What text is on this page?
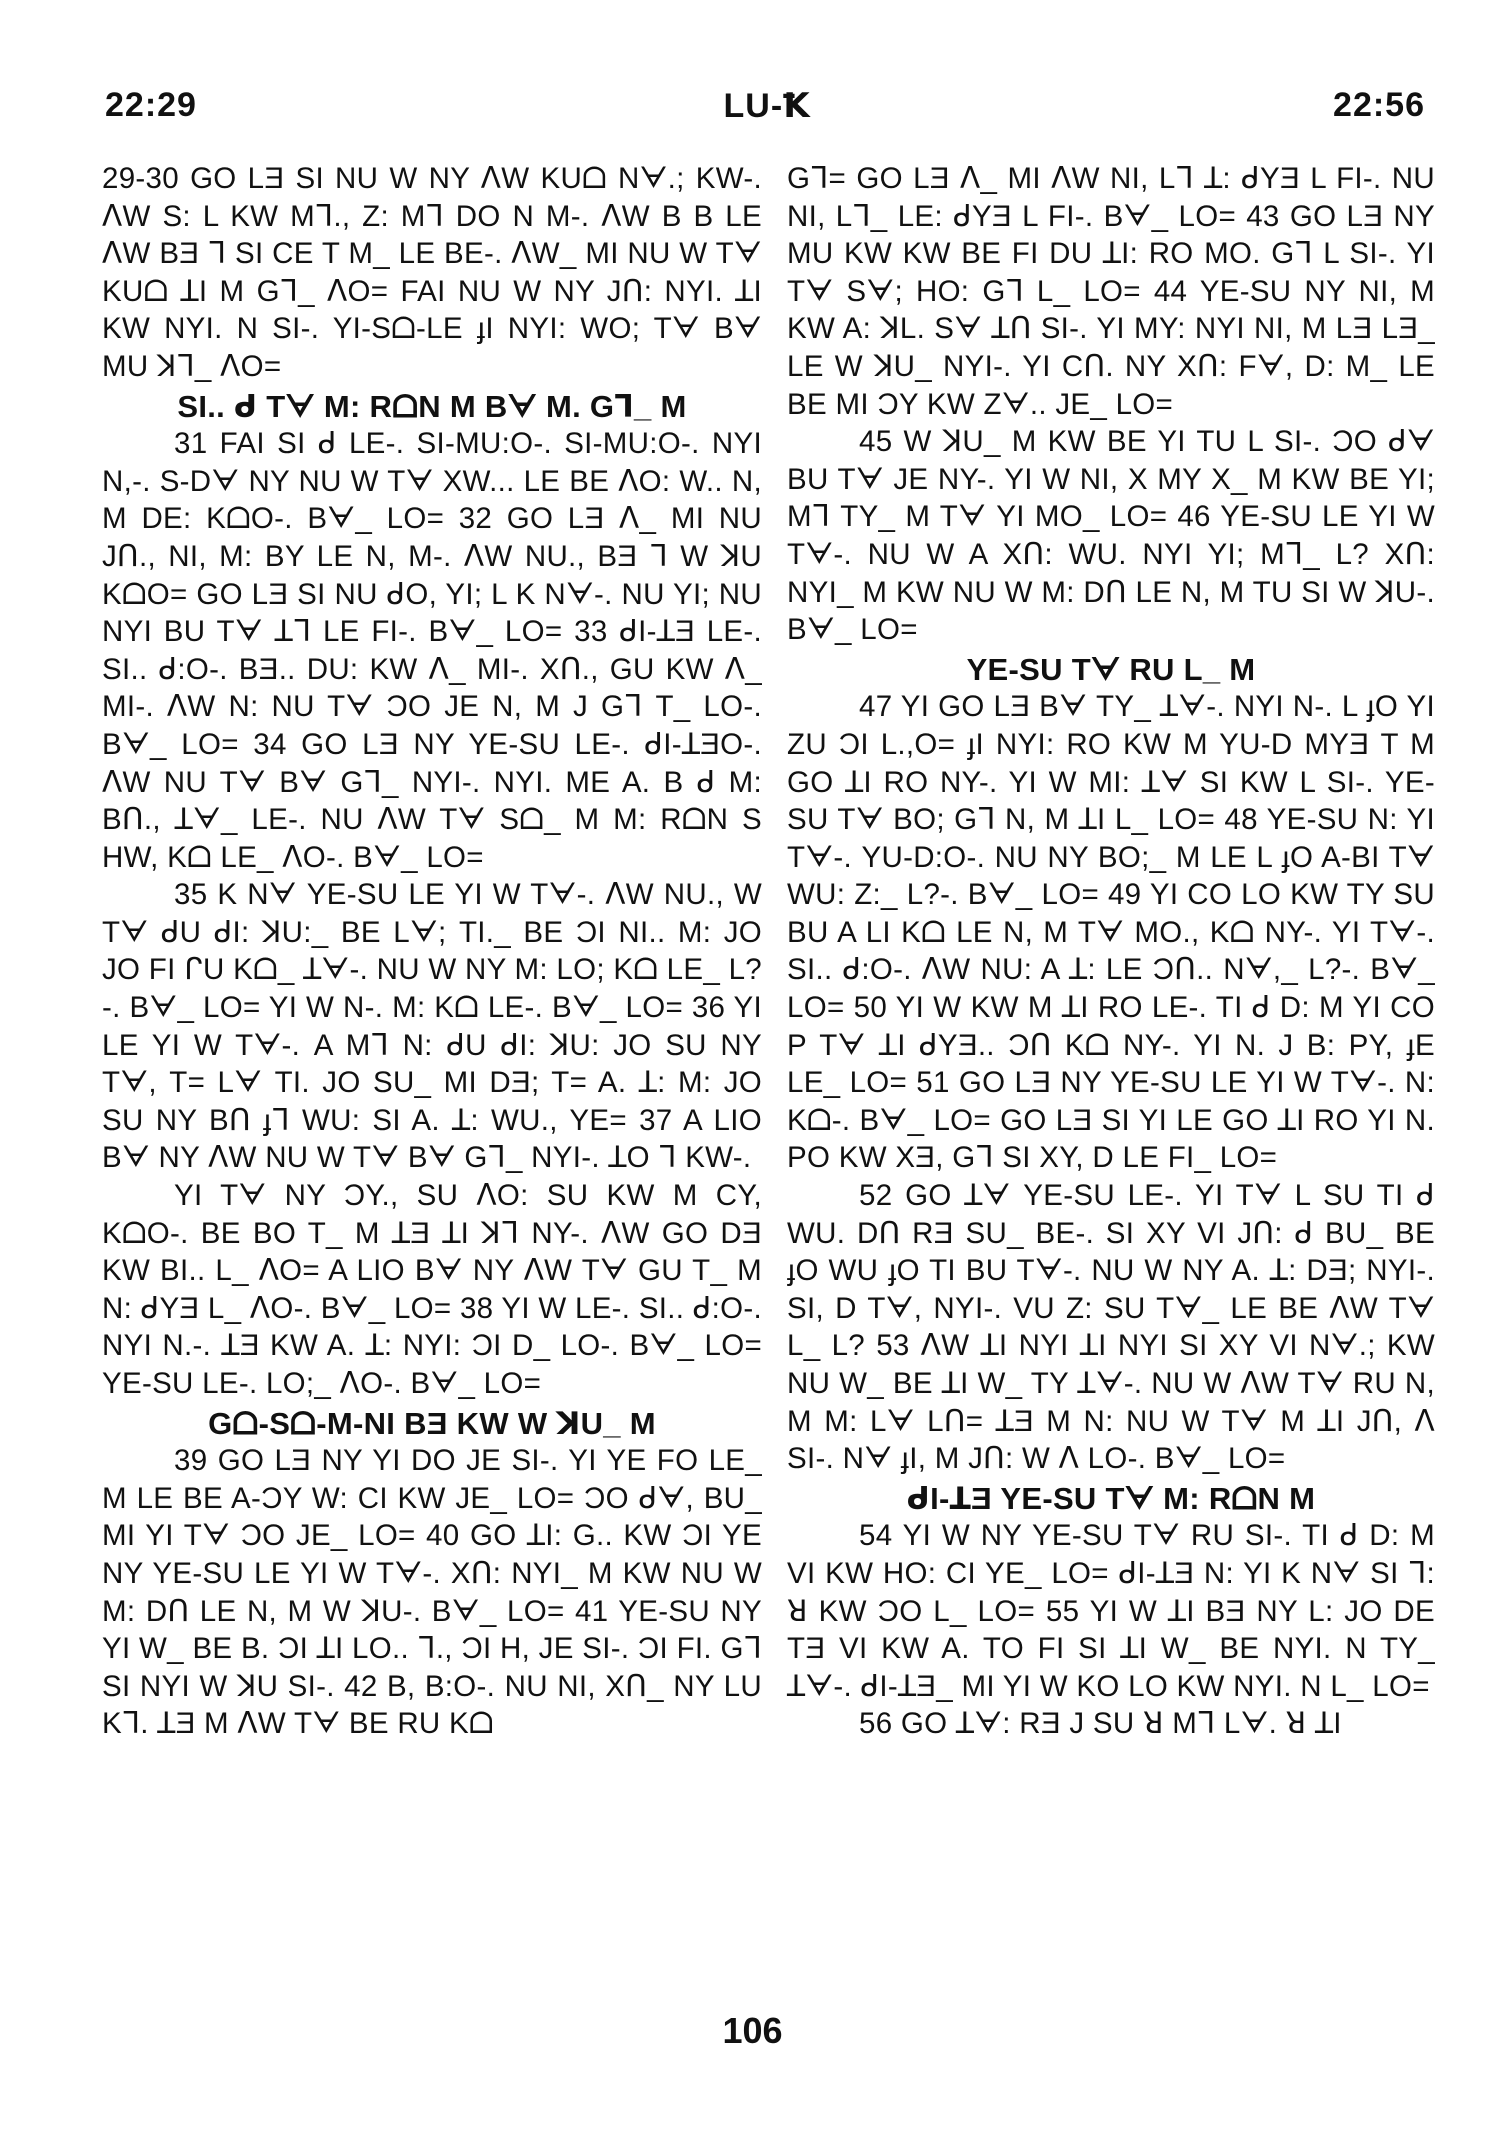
22:29	LU-Ꝁ	22:56

29-30 GO LƎ SI NU W NY ᐱW KUᗝ Nᗄ.; KW-. ᐱW S: L KW Mᒣ., Z: Mᒣ DO N M-. ᐱW B B LE ᐱW BƎ ᒣ SI CE T M_ LE BE-. ᐱW_ MI NU W Tᗄ KUᗝ ꓕI M Gᒣ_ ᐱO= FAI NU W NY Jᑎ: NYI. ꓕI KW NYI. N SI-. YI-Sᗝ-LE ɟI NYI: WO; Tᗄ Bᗄ MU ꓘᒣ_ ᐱO=

SI.. ᑯ Tᗄ M: RᗝN M Bᗄ M. Gᒣ_ M

31 FAI SI ᑯ LE-. SI-MU:O-. SI-MU:O-. NYI N,-. S-Dᗄ NY NU W Tᗄ XW... LE BE ᐱO: W.. N, M DE: KᗝO-. Bᗄ_ LO= 32 GO LƎ ᐱ_ MI NU Jᑎ., NI, M: BY LE N, M-. ᐱW NU., BƎ ᒣ W ꓘU KᗝO= GO LƎ SI NU ᑯO, YI; L K Nᗄ-. NU YI; NU NYI BU Tᗄ ꓕᒣ LE FI-. Bᗄ_ LO= 33 ᑯI-ꓕƎ LE-. SI.. ᑯ:O-. BƎ.. DU: KW ᐱ_ MI-. Xᑎ., GU KW ᐱ_ MI-. ᐱW N: NU Tᗄ ƆO JE N, M J Gᒣ T_ LO-. Bᗄ_ LO= 34 GO LƎ NY YE-SU LE-. ᑯI-ꓕƎO-. ᐱW NU Tᗄ Bᗄ Gᒣ_ NYI-. NYI. ME A. B ᑯ M: Bᑎ., ꓕᗄ_ LE-. NU ᐱW Tᗄ Sᗝ_ M M: RᗝN S HW, Kᗝ LE_ ᐱO-. Bᗄ_ LO=

35 K Nᗄ YE-SU LE YI W Tᗄ-. ᐱW NU., W Tᗄ ᑯU ᑯI: ꓘU:_ BE Lᗄ; TI._ BE ƆI NI.. M: JO JO FI ᒋU Kᗝ_ ꓕᗄ-. NU W NY M: LO; Kᗝ LE_ L?-. Bᗄ_ LO= YI W N-. M: Kᗝ LE-. Bᗄ_ LO= 36 YI LE YI W Tᗄ-. A Mᒣ N: ᑯU ᑯI: ꓘU: JO SU NY Tᗄ, T= Lᗄ TI. JO SU_ MI DƎ; T= A. ꓕ: M: JO SU NY Bᑎ ɟᒣ WU: SI A. ꓕ: WU., YE= 37 A LIO Bᗄ NY ᐱW NU W Tᗄ Bᗄ Gᒣ_ NYI-. ꓕO ᒣ KW-.

YI Tᗄ NY ƆY., SU ᐱO: SU KW M CY, KᗝO-. BE BO T_ M ꓕƎ ꓕI ꓘᒣ NY-. ᐱW GO DƎ KW BI.. L_ ᐱO= A LIO Bᗄ NY ᐱW Tᗄ GU T_ M N: ᑯYƎ L_ ᐱO-. Bᗄ_ LO= 38 YI W LE-. SI.. ᑯ:O-. NYI N.-. ꓕƎ KW A. ꓕ: NYI: ƆI D_ LO-. Bᗄ_ LO= YE-SU LE-. LO;_ ᐱO-. Bᗄ_ LO=

Gᗝ-Sᗝ-M-NI BƎ KW W ꓘU_ M

39 GO LƎ NY YI DO JE SI-. YI YE FO LE_ M LE BE A-ƆY W: CI KW JE_ LO= ƆO ᑯᗄ, BU_ MI YI Tᗄ ƆO JE_ LO= 40 GO ꓕI: G.. KW ƆI YE NY YE-SU LE YI W Tᗄ-. Xᑎ: NYI_ M KW NU W M: Dᑎ LE N, M W ꓘU-. Bᗄ_ LO= 41 YE-SU NY YI W_ BE B. ƆI ꓕI LO.. ᒣ., ƆI H, JE SI-. ƆI FI. Gᒣ SI NYI W ꓘU SI-. 42 B, B:O-. NU NI, Xᑎ_ NY LU Kᒣ. ꓕƎ M ᐱW Tᗄ BE RU Kᗝ

Gᒣ= GO LƎ ᐱ_ MI ᐱW NI, Lᒣ ꓕ: ᑯYƎ L FI-. NU NI, Lᒣ_ LE: ᑯYƎ L FI-. Bᗄ_ LO= 43 GO LƎ NY MU KW KW BE FI DU ꓕI: RO MO. Gᒣ L SI-. YI Tᗄ Sᗄ; HO: Gᒣ L_ LO= 44 YE-SU NY NI, M KW A: ꓘL. Sᗄ ꓕᑎ SI-. YI MY: NYI NI, M LƎ LƎ_ LE W ꓘU_ NYI-. YI Cᑎ. NY Xᑎ: Fᗄ, D: M_ LE BE MI ƆY KW Zᗄ.. JE_ LO=

45 W ꓘU_ M KW BE YI TU L SI-. ƆO ᑯᗄ BU Tᗄ JE NY-. YI W NI, X MY X_ M KW BE YI; Mᒣ TY_ M Tᗄ YI MO_ LO= 46 YE-SU LE YI W Tᗄ-. NU W A Xᑎ: WU. NYI YI; Mᒣ_ L? Xᑎ: NYI_ M KW NU W M: Dᑎ LE N, M TU SI W ꓘU-. Bᗄ_ LO=

YE-SU Tᗄ RU L_ M

47 YI GO LƎ Bᗄ TY_ ꓕᗄ-. NYI N-. L ɟO YI ZU ƆI L.,O= ɟI NYI: RO KW M YU-D MYƎ T M GO ꓕI RO NY-. YI W MI: ꓕᗄ SI KW L SI-. YE-SU Tᗄ BO; Gᒣ N, M ꓕI L_ LO= 48 YE-SU N: YI Tᗄ-. YU-D:O-. NU NY BO;_ M LE L ɟO A-BI Tᗄ WU: Z:_ L?-. Bᗄ_ LO= 49 YI CO LO KW TY SU BU A LI Kᗝ LE N, M Tᗄ MO., Kᗝ NY-. YI Tᗄ-. SI.. ᑯ:O-. ᐱW NU: A ꓕ: LE Ɔᑎ.. Nᗄ,_ L?-. Bᗄ_ LO= 50 YI W KW M ꓕI RO LE-. TI ᑯ D: M YI CO P Tᗄ ꓕI ᑯYƎ.. Ɔᑎ Kᗝ NY-. YI N. J B: PY, ɟE LE_ LO= 51 GO LƎ NY YE-SU LE YI W Tᗄ-. N: Kᗝ-. Bᗄ_ LO= GO LƎ SI YI LE GO ꓕI RO YI N. PO KW XƎ, Gᒣ SI XY, D LE FI_ LO=

52 GO ꓕᗄ YE-SU LE-. YI Tᗄ L SU TI ᑯ WU. Dᑎ RƎ SU_ BE-. SI XY VI Jᑎ: ᑯ BU_ BE ɟO WU ɟO TI BU Tᗄ-. NU W NY A. ꓕ: DƎ; NYI-. SI, D Tᗄ, NYI-. VU Z: SU Tᗄ_ LE BE ᐱW Tᗄ L_ L? 53 ᐱW ꓕI NYI ꓕI NYI SI XY VI Nᗄ.; KW NU W_ BE ꓕI W_ TY ꓕᗄ-. NU W ᐱW Tᗄ RU N, M M: Lᗄ Lᑎ= ꓕƎ M N: NU W Tᗄ M ꓕI Jᑎ, ᐱ SI-. Nᗄ ɟI, M Jᑎ: W ᐱ LO-. Bᗄ_ LO=

ᑯI-ꓕƎ YE-SU Tᗄ M: RᗝN M

54 YI W NY YE-SU Tᗄ RU SI-. TI ᑯ D: M VI KW HO: CI YE_ LO= ᑯI-ꓕƎ N: YI K Nᗄ SI ᒣ: ꓤ KW ƆO L_ LO= 55 YI W ꓕI BƎ NY L: JO DE TƎ VI KW A. TO FI SI ꓕI W_ BE NYI. N TY_ ꓕᗄ-. ᑯI-ꓕƎ_ MI YI W KO LO KW NYI. N L_ LO=

56 GO ꓕᗄ: RƎ J SU ꓤ Mᒣ Lᗄ. ꓤ ꓕI

106
